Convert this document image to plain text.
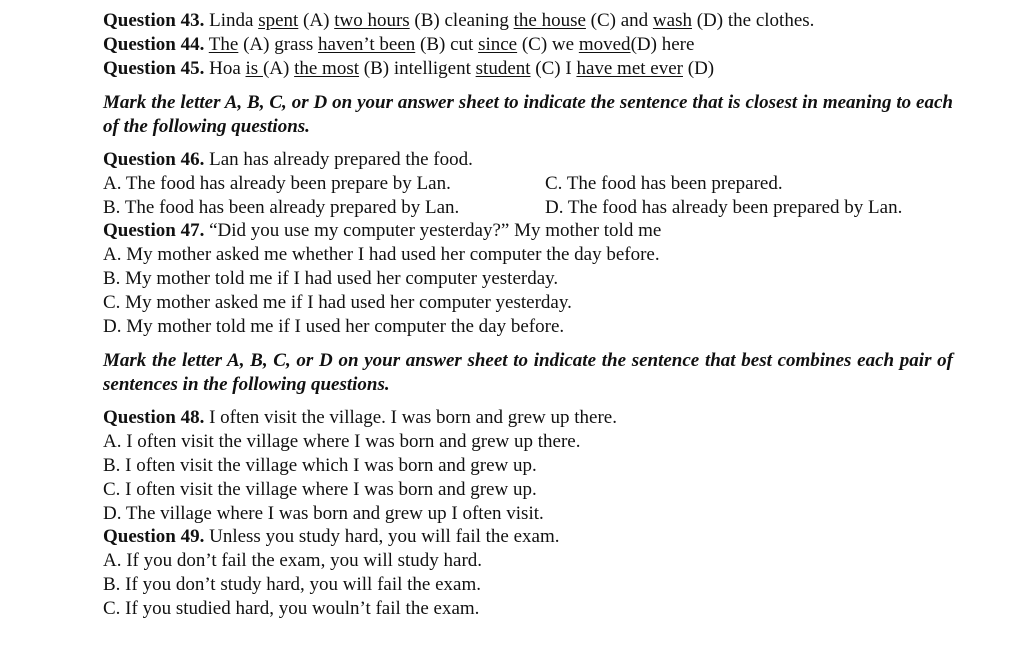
Question 43. Linda spent (A) two hours (B) cleaning the house (C) and wash (D) the clothes.
Question 44. The (A) grass haven’t been (B) cut since (C) we moved(D) here
Question 45. Hoa is (A) the most (B) intelligent student (C) I have met ever (D)
Mark the letter A, B, C, or D on your answer sheet to indicate the sentence that is closest in meaning to each of the following questions.
Question 46. Lan has already prepared the food.
A. The food has already been prepare by Lan.	C. The food has been prepared.
B. The food has been already prepared by Lan.	D. The food has already been prepared by Lan.
Question 47. “Did you use my computer yesterday?” My mother told me
A. My mother asked me whether I had used her computer the day before.
B. My mother told me if I had used her computer yesterday.
C. My mother asked me if I had used her computer yesterday.
D. My mother told me if I used her computer the day before.
Mark the letter A, B, C, or D on your answer sheet to indicate the sentence that best combines each pair of sentences in the following questions.
Question 48. I often visit the village. I was born and grew up there.
A. I often visit the village where I was born and grew up there.
B. I often visit the village which I was born and grew up.
C. I often visit the village where I was born and grew up.
D. The village where I was born and grew up I often visit.
Question 49. Unless you study hard, you will fail the exam.
A. If you don’t fail the exam, you will study hard.
B. If you don’t study hard, you will fail the exam.
C. If you studied hard, you wouln’t fail the exam.
